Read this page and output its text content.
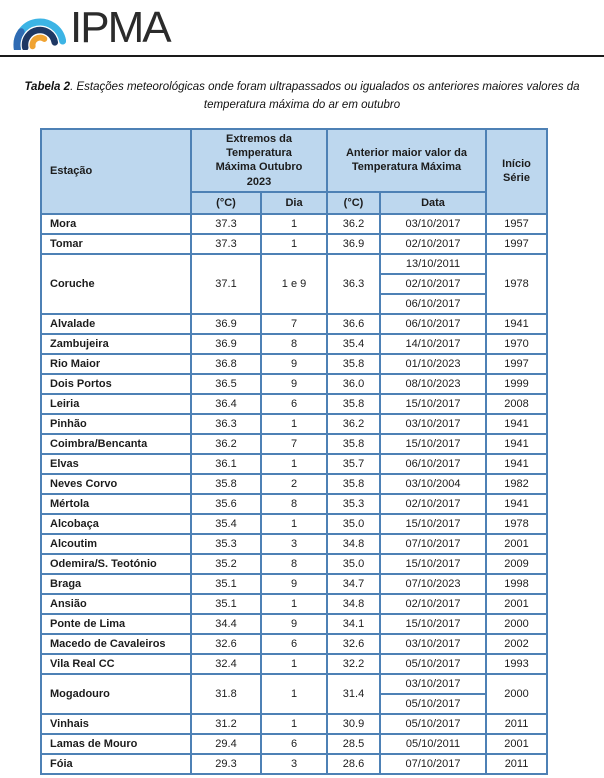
IPMA

Tabela 2. Estações meteorológicas onde foram ultrapassados ou igualados os anteriores maiores valores da temperatura máxima do ar em outubro

Estação	Extremos da Temperatura Máxima Outubro 2023		Anterior maior valor da Temperatura Máxima		Início Série
	(°C)	Dia	(°C)	Data	
Mora	37.3	1	36.2	03/10/2017	1957
Tomar	37.3	1	36.9	02/10/2017	1997
Coruche	37.1	1 e 9	36.3	13/10/2011	1978
				02/10/2017	
				06/10/2017	
Alvalade	36.9	7	36.6	06/10/2017	1941
Zambujeira	36.9	8	35.4	14/10/2017	1970
Rio Maior	36.8	9	35.8	01/10/2023	1997
Dois Portos	36.5	9	36.0	08/10/2023	1999
Leiria	36.4	6	35.8	15/10/2017	2008
Pinhão	36.3	1	36.2	03/10/2017	1941
Coimbra/Bencanta	36.2	7	35.8	15/10/2017	1941
Elvas	36.1	1	35.7	06/10/2017	1941
Neves Corvo	35.8	2	35.8	03/10/2004	1982
Mértola	35.6	8	35.3	02/10/2017	1941
Alcobaça	35.4	1	35.0	15/10/2017	1978
Alcoutim	35.3	3	34.8	07/10/2017	2001
Odemira/S. Teotónio	35.2	8	35.0	15/10/2017	2009
Braga	35.1	9	34.7	07/10/2023	1998
Ansião	35.1	1	34.8	02/10/2017	2001
Ponte de Lima	34.4	9	34.1	15/10/2017	2000
Macedo de Cavaleiros	32.6	6	32.6	03/10/2017	2002
Vila Real CC	32.4	1	32.2	05/10/2017	1993
Mogadouro	31.8	1	31.4	03/10/2017	2000
				05/10/2017	
Vinhais	31.2	1	30.9	05/10/2017	2011
Lamas de Mouro	29.4	6	28.5	05/10/2011	2001
Fóia	29.3	3	28.6	07/10/2017	2011
